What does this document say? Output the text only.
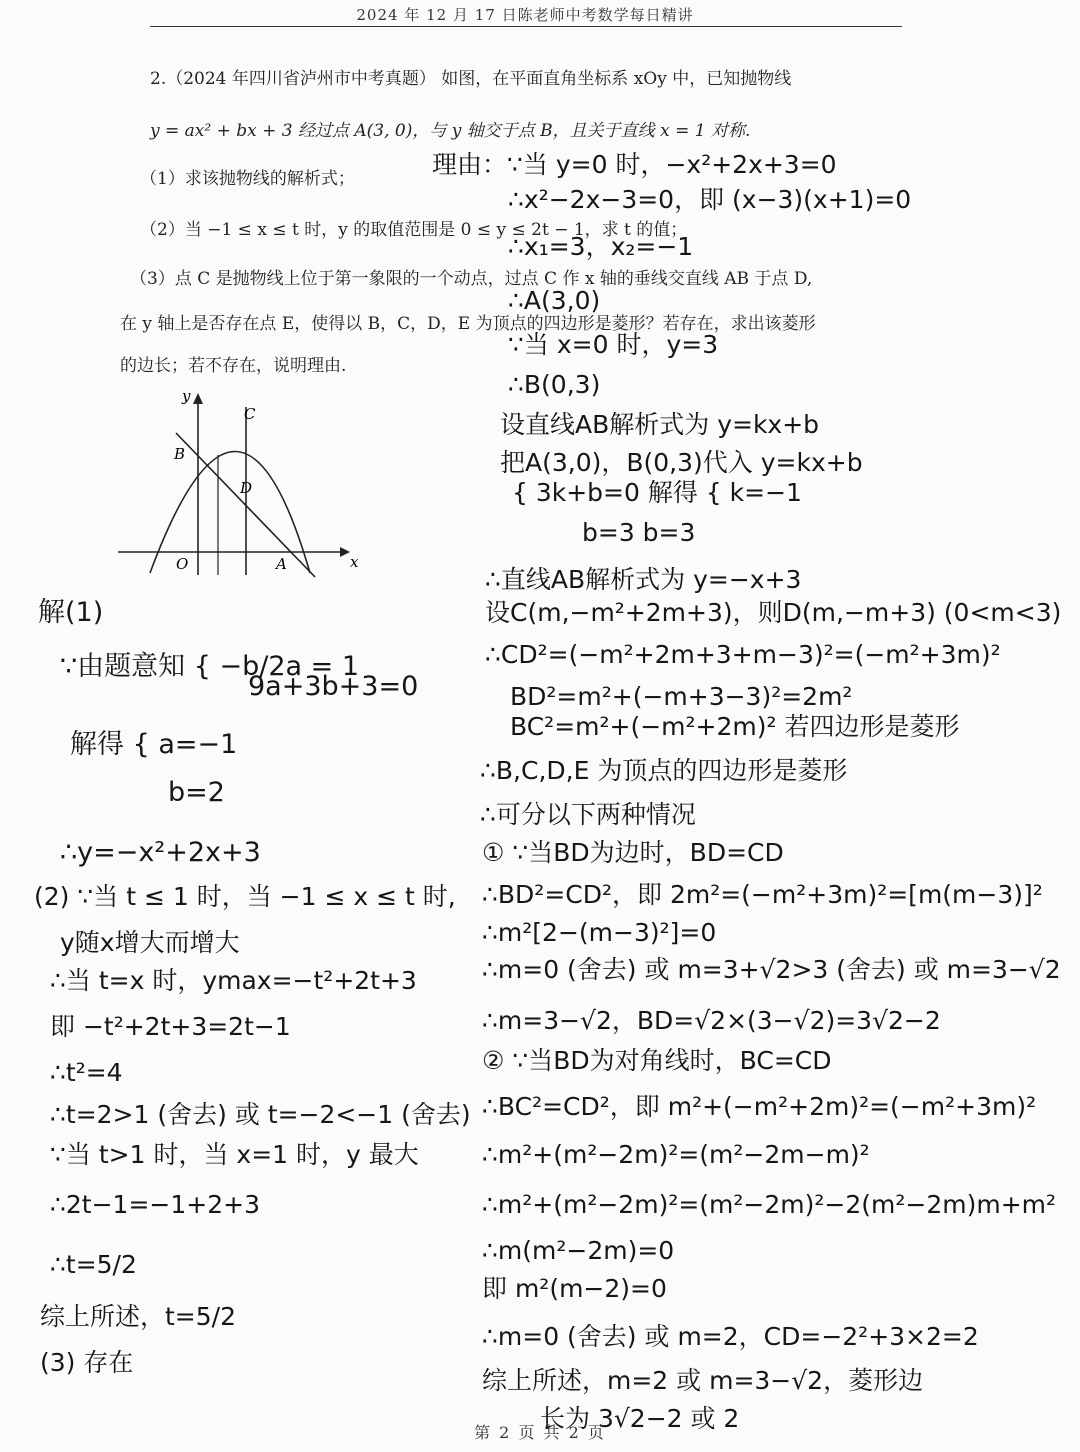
2024 年 12 月 17 日陈老师中考数学每日精讲
2.（2024 年四川省泸州市中考真题） 如图，在平面直角坐标系 xOy 中，已知抛物线
y = ax² + bx + 3 经过点 A(3, 0)，与 y 轴交于点 B，且关于直线 x = 1 对称.
（1）求该抛物线的解析式；
（2）当 −1 ≤ x ≤ t 时，y 的取值范围是 0 ≤ y ≤ 2t − 1，求 t 的值；
（3）点 C 是抛物线上位于第一象限的一个动点，过点 C 作 x 轴的垂线交直线 AB 于点 D,
在 y 轴上是否存在点 E，使得以 B，C，D，E 为顶点的四边形是菱形？若存在，求出该菱形
的边长；若不存在，说明理由.
y
x
O	A
B
C
D
解(1)
∵由题意知 { −b/2a = 1
9a+3b+3=0
解得 { a=−1
b=2
∴y=−x²+2x+3
(2) ∵当 t ≤ 1 时，当 −1 ≤ x ≤ t 时,
y随x增大而增大
∴当 t=x 时，ymax=−t²+2t+3
即 −t²+2t+3=2t−1
∴t²=4
∴t=2>1 (舍去) 或 t=−2<−1 (舍去)
∵当 t>1 时，当 x=1 时，y 最大
∴2t−1=−1+2+3
∴t=5/2
综上所述，t=5/2
(3) 存在
理由：∵当 y=0 时，−x²+2x+3=0
∴x²−2x−3=0，即 (x−3)(x+1)=0
∴x₁=3，x₂=−1
∴A(3,0)
∵当 x=0 时，y=3
∴B(0,3)
设直线AB解析式为 y=kx+b
把A(3,0)，B(0,3)代入 y=kx+b
{ 3k+b=0 解得 { k=−1
b=3 b=3
∴直线AB解析式为 y=−x+3
设C(m,−m²+2m+3)，则D(m,−m+3) (0<m<3)
∴CD²=(−m²+2m+3+m−3)²=(−m²+3m)²
BD²=m²+(−m+3−3)²=2m²
BC²=m²+(−m²+2m)² 若四边形是菱形
∴B,C,D,E 为顶点的四边形是菱形
∴可分以下两种情况
① ∵当BD为边时，BD=CD
∴BD²=CD²，即 2m²=(−m²+3m)²=[m(m−3)]²
∴m²[2−(m−3)²]=0
∴m=0 (舍去) 或 m=3+√2>3 (舍去) 或 m=3−√2
∴m=3−√2，BD=√2×(3−√2)=3√2−2
② ∵当BD为对角线时，BC=CD
∴BC²=CD²，即 m²+(−m²+2m)²=(−m²+3m)²
∴m²+(m²−2m)²=(m²−2m−m)²
∴m²+(m²−2m)²=(m²−2m)²−2(m²−2m)m+m²
∴m(m²−2m)=0
即 m²(m−2)=0
∴m=0 (舍去) 或 m=2，CD=−2²+3×2=2
综上所述，m=2 或 m=3−√2，菱形边
长为 3√2−2 或 2
第 2 页 共 2 页
